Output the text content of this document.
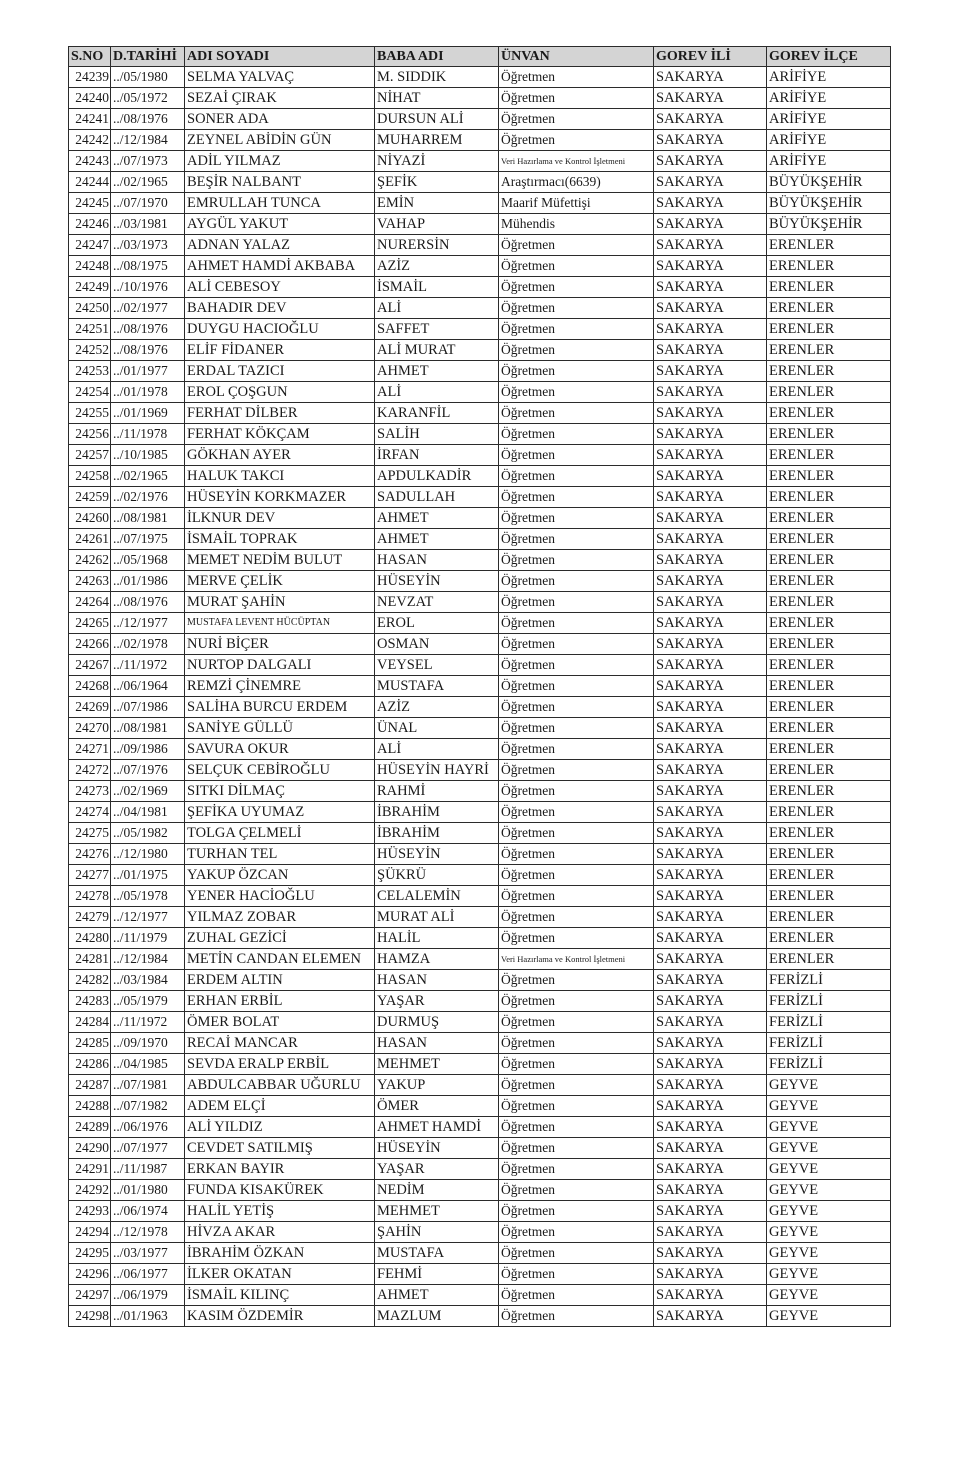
S.NO	D.TARİHİ	ADI SOYADI	BABA ADI	ÜNVAN	GOREV İLİ	GOREV İLÇE
24239	../05/1980	SELMA YALVAÇ	M. SIDDIK	Öğretmen	SAKARYA	ARİFİYE
24240	../05/1972	SEZAİ ÇIRAK	NİHAT	Öğretmen	SAKARYA	ARİFİYE
24241	../08/1976	SONER ADA	DURSUN ALİ	Öğretmen	SAKARYA	ARİFİYE
24242	../12/1984	ZEYNEL ABİDİN GÜN	MUHARREM	Öğretmen	SAKARYA	ARİFİYE
24243	../07/1973	ADİL YILMAZ	NİYAZİ	Veri Hazırlama ve Kontrol İşletmeni	SAKARYA	ARİFİYE
24244	../02/1965	BEŞİR NALBANT	ŞEFİK	Araştırmacı(6639)	SAKARYA	BÜYÜKŞEHİR
24245	../07/1970	EMRULLAH TUNCA	EMİN	Maarif Müfettişi	SAKARYA	BÜYÜKŞEHİR
24246	../03/1981	AYGÜL YAKUT	VAHAP	Mühendis	SAKARYA	BÜYÜKŞEHİR
24247	../03/1973	ADNAN YALAZ	NURERSİN	Öğretmen	SAKARYA	ERENLER
24248	../08/1975	AHMET HAMDİ AKBABA	AZİZ	Öğretmen	SAKARYA	ERENLER
24249	../10/1976	ALİ CEBESOY	İSMAİL	Öğretmen	SAKARYA	ERENLER
24250	../02/1977	BAHADIR DEV	ALİ	Öğretmen	SAKARYA	ERENLER
24251	../08/1976	DUYGU HACIOĞLU	SAFFET	Öğretmen	SAKARYA	ERENLER
24252	../08/1976	ELİF FİDANER	ALİ MURAT	Öğretmen	SAKARYA	ERENLER
24253	../01/1977	ERDAL TAZICI	AHMET	Öğretmen	SAKARYA	ERENLER
24254	../01/1978	EROL ÇOŞGUN	ALİ	Öğretmen	SAKARYA	ERENLER
24255	../01/1969	FERHAT DİLBER	KARANFİL	Öğretmen	SAKARYA	ERENLER
24256	../11/1978	FERHAT KÖKÇAM	SALİH	Öğretmen	SAKARYA	ERENLER
24257	../10/1985	GÖKHAN AYER	İRFAN	Öğretmen	SAKARYA	ERENLER
24258	../02/1965	HALUK TAKCI	APDULKADİR	Öğretmen	SAKARYA	ERENLER
24259	../02/1976	HÜSEYİN KORKMAZER	SADULLAH	Öğretmen	SAKARYA	ERENLER
24260	../08/1981	İLKNUR DEV	AHMET	Öğretmen	SAKARYA	ERENLER
24261	../07/1975	İSMAİL TOPRAK	AHMET	Öğretmen	SAKARYA	ERENLER
24262	../05/1968	MEMET NEDİM BULUT	HASAN	Öğretmen	SAKARYA	ERENLER
24263	../01/1986	MERVE ÇELİK	HÜSEYİN	Öğretmen	SAKARYA	ERENLER
24264	../08/1976	MURAT ŞAHİN	NEVZAT	Öğretmen	SAKARYA	ERENLER
24265	../12/1977	MUSTAFA LEVENT HÜCÜPTAN	EROL	Öğretmen	SAKARYA	ERENLER
24266	../02/1978	NURİ BİÇER	OSMAN	Öğretmen	SAKARYA	ERENLER
24267	../11/1972	NURTOP DALGALI	VEYSEL	Öğretmen	SAKARYA	ERENLER
24268	../06/1964	REMZİ ÇİNEMRE	MUSTAFA	Öğretmen	SAKARYA	ERENLER
24269	../07/1986	SALİHA BURCU ERDEM	AZİZ	Öğretmen	SAKARYA	ERENLER
24270	../08/1981	SANİYE GÜLLÜ	ÜNAL	Öğretmen	SAKARYA	ERENLER
24271	../09/1986	SAVURA OKUR	ALİ	Öğretmen	SAKARYA	ERENLER
24272	../07/1976	SELÇUK CEBİROĞLU	HÜSEYİN HAYRİ	Öğretmen	SAKARYA	ERENLER
24273	../02/1969	SITKI DİLMAÇ	RAHMİ	Öğretmen	SAKARYA	ERENLER
24274	../04/1981	ŞEFİKA UYUMAZ	İBRAHİM	Öğretmen	SAKARYA	ERENLER
24275	../05/1982	TOLGA ÇELMELİ	İBRAHİM	Öğretmen	SAKARYA	ERENLER
24276	../12/1980	TURHAN TEL	HÜSEYİN	Öğretmen	SAKARYA	ERENLER
24277	../01/1975	YAKUP ÖZCAN	ŞÜKRÜ	Öğretmen	SAKARYA	ERENLER
24278	../05/1978	YENER HACİOĞLU	CELALEMİN	Öğretmen	SAKARYA	ERENLER
24279	../12/1977	YILMAZ ZOBAR	MURAT ALİ	Öğretmen	SAKARYA	ERENLER
24280	../11/1979	ZUHAL GEZİCİ	HALİL	Öğretmen	SAKARYA	ERENLER
24281	../12/1984	METİN CANDAN ELEMEN	HAMZA	Veri Hazırlama ve Kontrol İşletmeni	SAKARYA	ERENLER
24282	../03/1984	ERDEM ALTIN	HASAN	Öğretmen	SAKARYA	FERİZLİ
24283	../05/1979	ERHAN ERBİL	YAŞAR	Öğretmen	SAKARYA	FERİZLİ
24284	../11/1972	ÖMER BOLAT	DURMUŞ	Öğretmen	SAKARYA	FERİZLİ
24285	../09/1970	RECAİ MANCAR	HASAN	Öğretmen	SAKARYA	FERİZLİ
24286	../04/1985	SEVDA ERALP ERBİL	MEHMET	Öğretmen	SAKARYA	FERİZLİ
24287	../07/1981	ABDULCABBAR UĞURLU	YAKUP	Öğretmen	SAKARYA	GEYVE
24288	../07/1982	ADEM ELÇİ	ÖMER	Öğretmen	SAKARYA	GEYVE
24289	../06/1976	ALİ YILDIZ	AHMET HAMDİ	Öğretmen	SAKARYA	GEYVE
24290	../07/1977	CEVDET SATILMIŞ	HÜSEYİN	Öğretmen	SAKARYA	GEYVE
24291	../11/1987	ERKAN BAYIR	YAŞAR	Öğretmen	SAKARYA	GEYVE
24292	../01/1980	FUNDA KISAKÜREK	NEDİM	Öğretmen	SAKARYA	GEYVE
24293	../06/1974	HALİL YETİŞ	MEHMET	Öğretmen	SAKARYA	GEYVE
24294	../12/1978	HİVZA AKAR	ŞAHİN	Öğretmen	SAKARYA	GEYVE
24295	../03/1977	İBRAHİM ÖZKAN	MUSTAFA	Öğretmen	SAKARYA	GEYVE
24296	../06/1977	İLKER OKATAN	FEHMİ	Öğretmen	SAKARYA	GEYVE
24297	../06/1979	İSMAİL KILINÇ	AHMET	Öğretmen	SAKARYA	GEYVE
24298	../01/1963	KASIM ÖZDEMİR	MAZLUM	Öğretmen	SAKARYA	GEYVE
